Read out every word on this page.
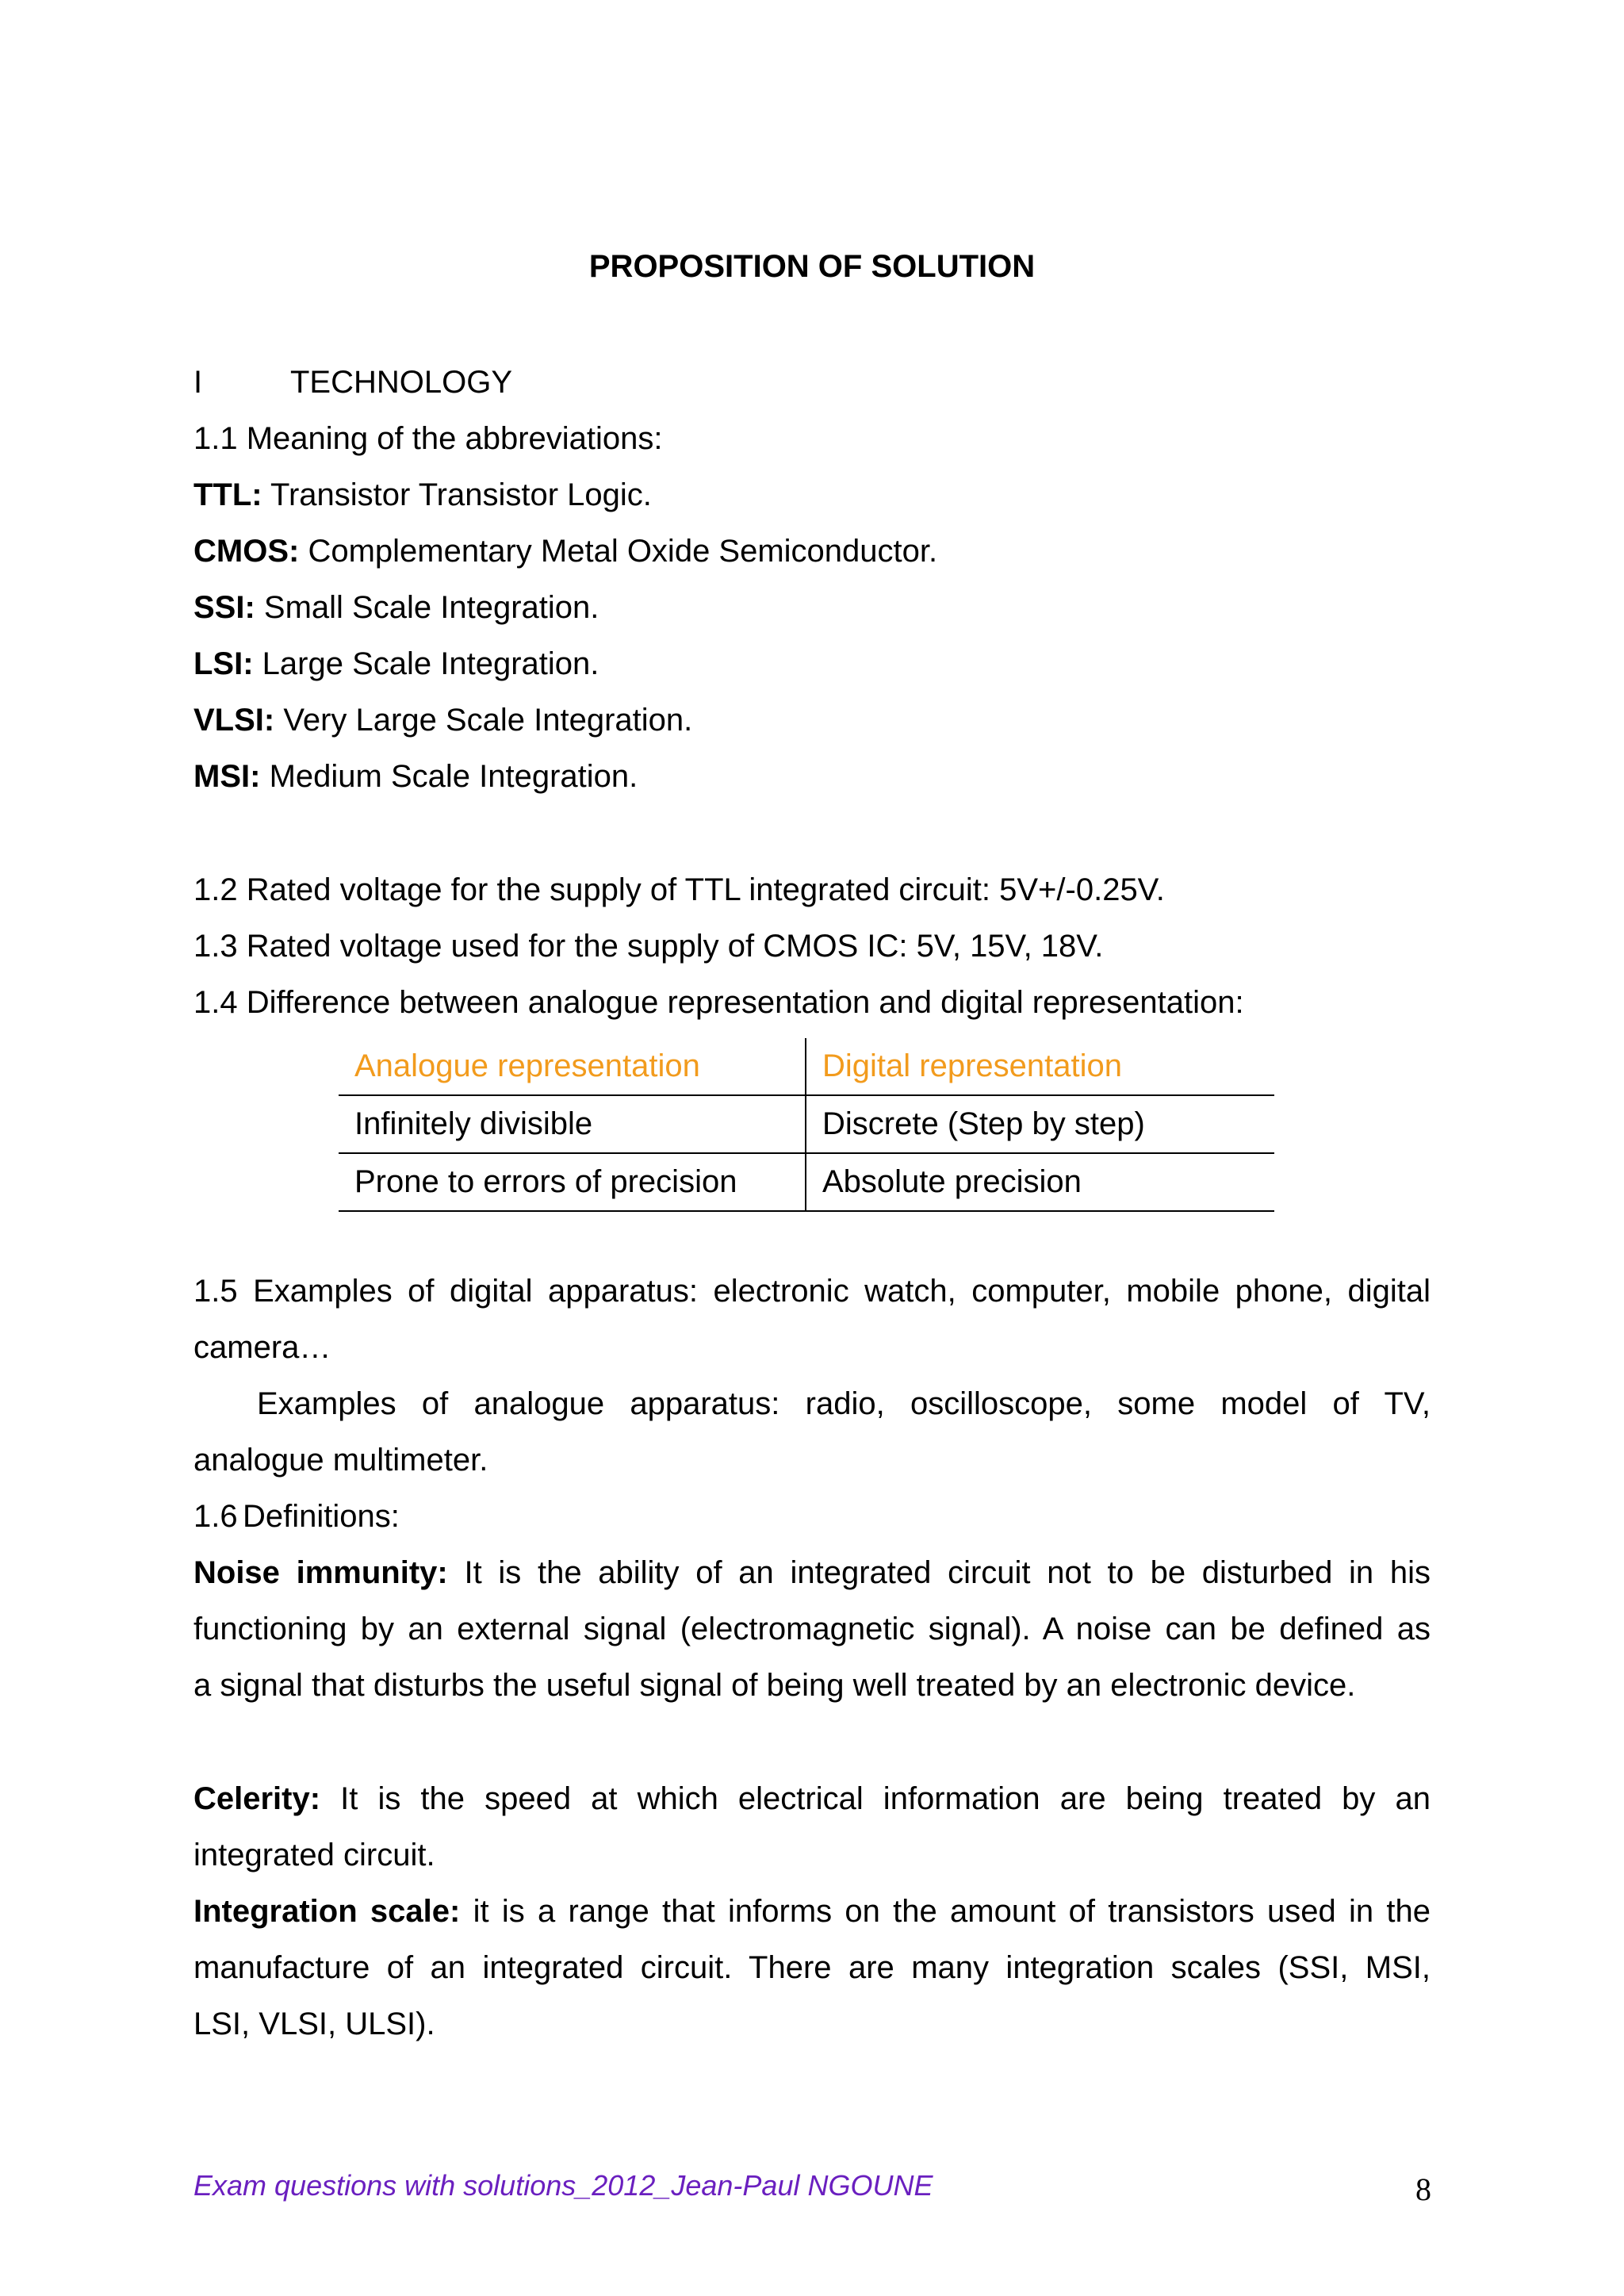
PROPOSITION OF SOLUTION
I	TECHNOLOGY
1.1 Meaning of the abbreviations:
TTL: Transistor Transistor Logic.
CMOS: Complementary Metal Oxide Semiconductor.
SSI: Small Scale Integration.
LSI: Large Scale Integration.
VLSI: Very Large Scale Integration.
MSI: Medium Scale Integration.
1.2 Rated voltage for the supply of TTL integrated circuit: 5V+/-0.25V.
1.3 Rated voltage used for the supply of CMOS IC: 5V, 15V, 18V.
1.4 Difference between analogue representation and digital representation:
Analogue representation	Digital representation
Infinitely divisible	Discrete (Step by step)
Prone to errors of precision	Absolute precision
1.5 Examples of digital apparatus: electronic watch, computer, mobile phone, digital
camera…
Examples of analogue apparatus: radio, oscilloscope, some model of TV,
analogue multimeter.
1.6 Definitions:
Noise immunity: It is the ability of an integrated circuit not to be disturbed in his
functioning by an external signal (electromagnetic signal). A noise can be defined as
a signal that disturbs the useful signal of being well treated by an electronic device.
Celerity: It is the speed at which electrical information are being treated by an
integrated circuit.
Integration scale: it is a range that informs on the amount of transistors used in the
manufacture of an integrated circuit. There are many integration scales (SSI, MSI,
LSI, VLSI, ULSI).
Exam questions with solutions_2012_Jean-Paul NGOUNE	8
